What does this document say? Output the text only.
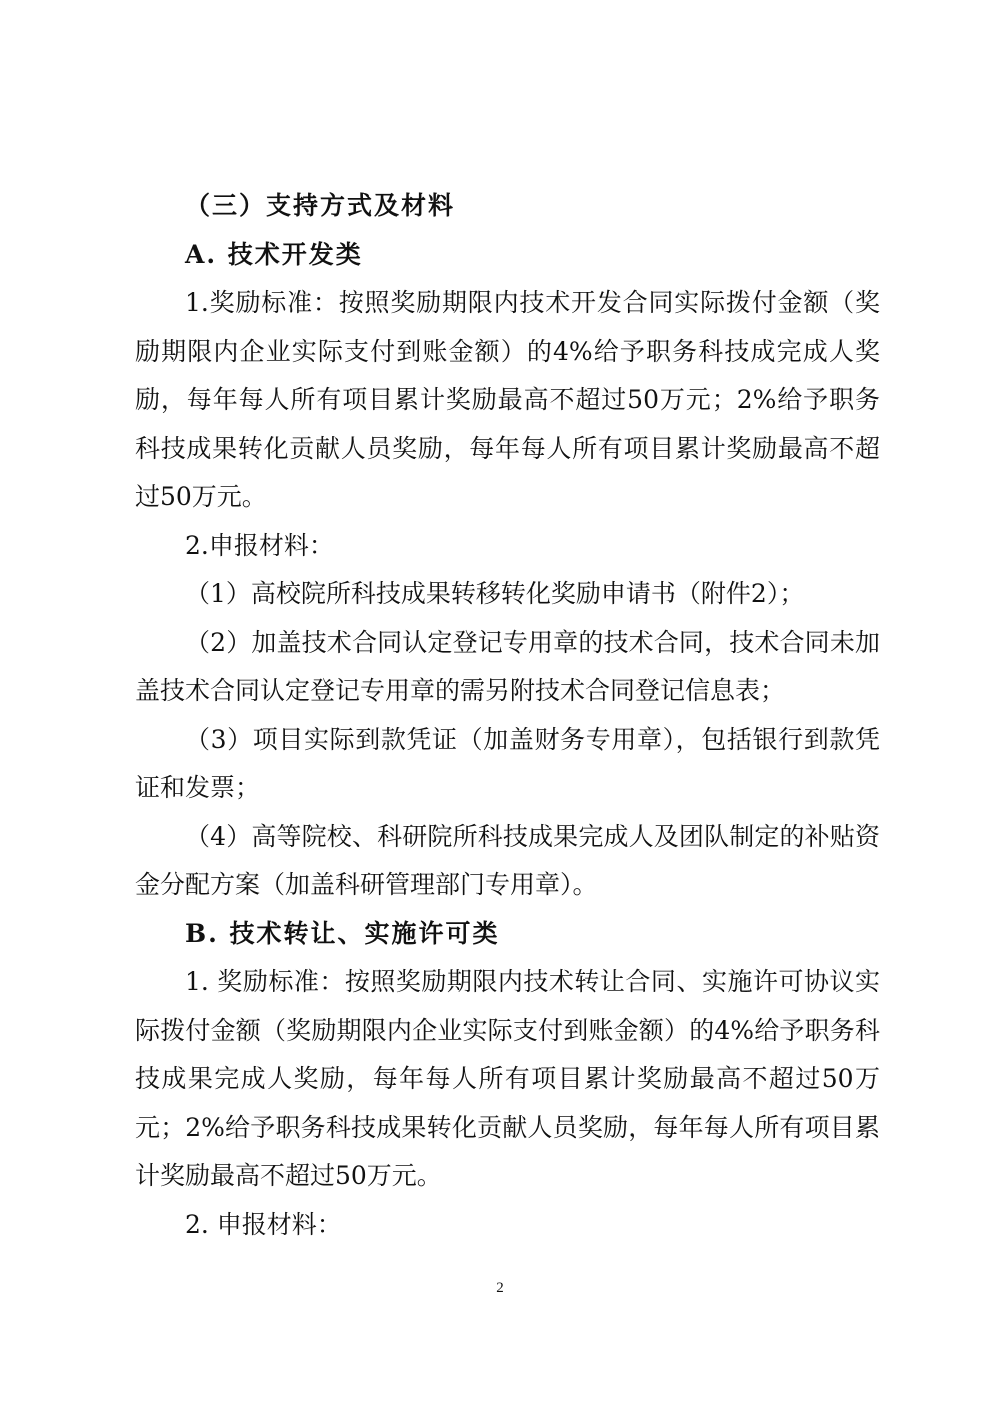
（三）支持方式及材料

A. 技术开发类

1.奖励标准：按照奖励期限内技术开发合同实际拨付金额（奖励期限内企业实际支付到账金额）的4%给予职务科技成完成人奖励，每年每人所有项目累计奖励最高不超过50万元；2%给予职务科技成果转化贡献人员奖励，每年每人所有项目累计奖励最高不超过50万元。

2.申报材料：

（1）高校院所科技成果转移转化奖励申请书（附件2）；

（2）加盖技术合同认定登记专用章的技术合同，技术合同未加盖技术合同认定登记专用章的需另附技术合同登记信息表；

（3）项目实际到款凭证（加盖财务专用章），包括银行到款凭证和发票；

（4）高等院校、科研院所科技成果完成人及团队制定的补贴资金分配方案（加盖科研管理部门专用章）。

B. 技术转让、实施许可类

1. 奖励标准：按照奖励期限内技术转让合同、实施许可协议实际拨付金额（奖励期限内企业实际支付到账金额）的4%给予职务科技成果完成人奖励，每年每人所有项目累计奖励最高不超过50万元；2%给予职务科技成果转化贡献人员奖励，每年每人所有项目累计奖励最高不超过50万元。

2. 申报材料：

2
